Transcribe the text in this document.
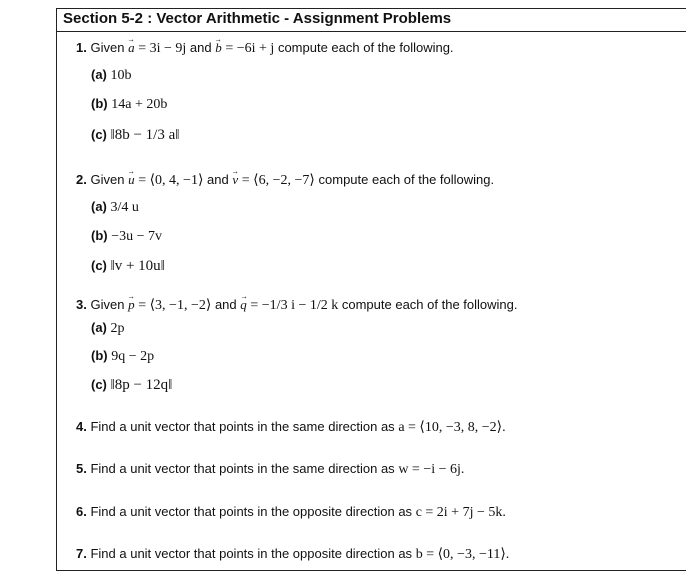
Section 5-2 : Vector Arithmetic - Assignment Problems
1. Given → a = 3i − 9j and → b = −6i + j compute each of the following.
(a) 10b
(b) 14a + 20b
(c) ‖8b − 1/3 a‖
2. Given → u = ⟨0, 4, −1⟩ and → v = ⟨6, −2, −7⟩ compute each of the following.
(a) 3/4 u
(b) −3u − 7v
(c) ‖v + 10u‖
3. Given → p = ⟨3, −1, −2⟩ and → q = −1/3 i − 1/2 k compute each of the following.
(a) 2p
(b) 9q − 2p
(c) ‖8p − 12q‖
4. Find a unit vector that points in the same direction as a = ⟨10, −3, 8, −2⟩.
5. Find a unit vector that points in the same direction as w = −i − 6j.
6. Find a unit vector that points in the opposite direction as c = 2i + 7j − 5k.
7. Find a unit vector that points in the opposite direction as b = ⟨0, −3, −11⟩.
